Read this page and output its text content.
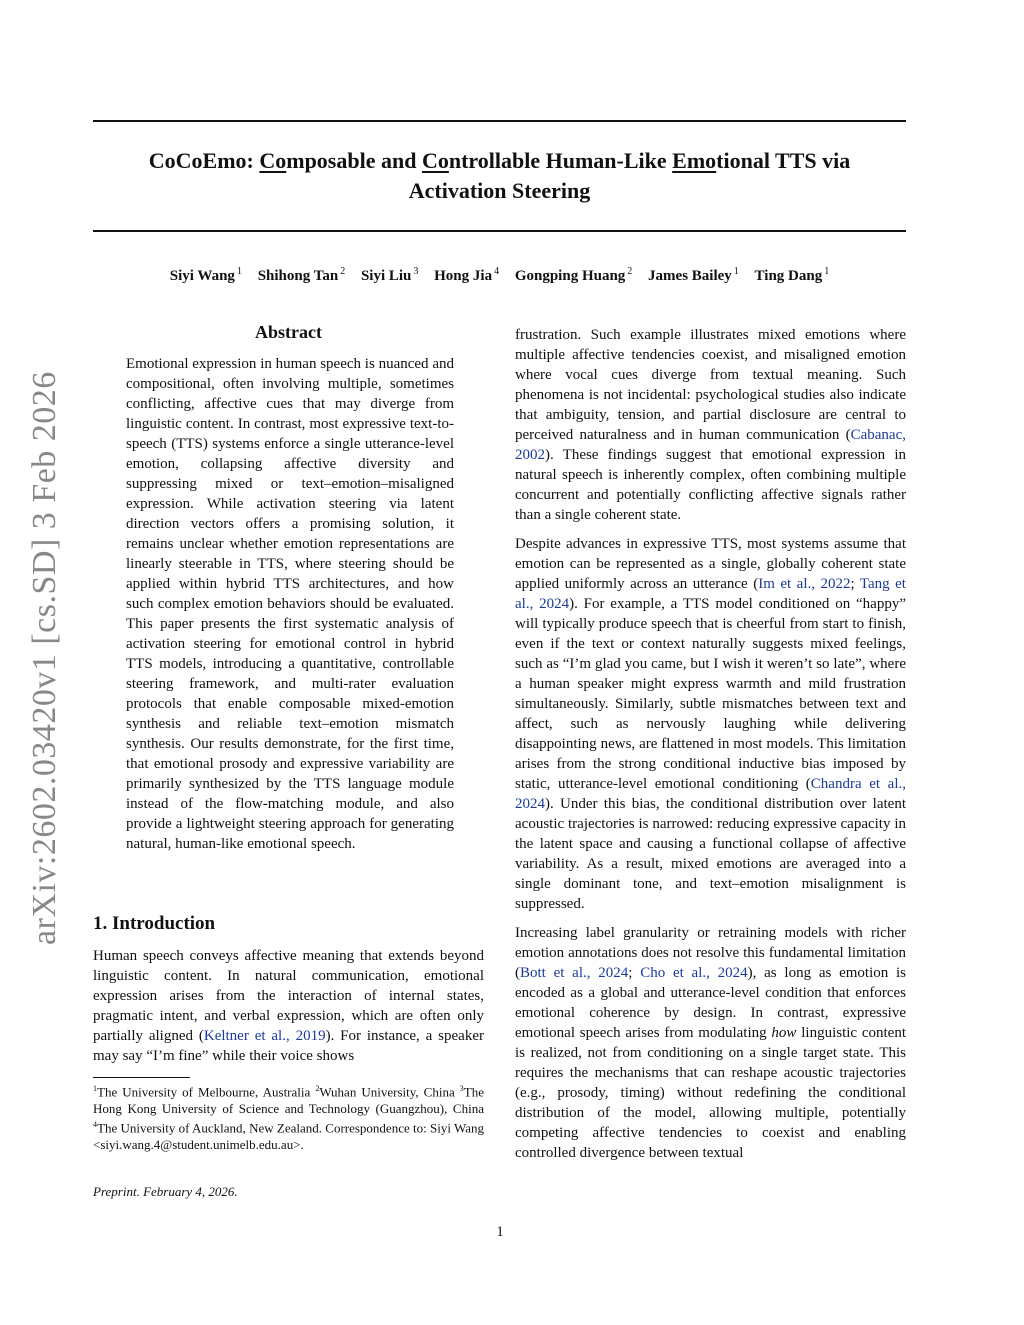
arXiv:2602.03420v1 [cs.SD] 3 Feb 2026
CoCoEmo: Composable and Controllable Human-Like Emotional TTS via
Activation Steering
Siyi Wang $^1$ Shihong Tan $^2$ Siyi Liu $^3$ Hong Jia $^4$ Gongping Huang $^2$ James Bailey $^1$ Ting Dang $^1$
Abstract
Emotional expression in human speech is nuanced and compositional, often involving multiple, sometimes conflicting, affective cues that may diverge from linguistic content. In contrast, most expressive text-to-speech (TTS) systems enforce a single utterance-level emotion, collapsing affective diversity and suppressing mixed or text–emotion–misaligned expression. While activation steering via latent direction vectors offers a promising solution, it remains unclear whether emotion representations are linearly steerable in TTS, where steering should be applied within hybrid TTS architectures, and how such complex emotion behaviors should be evaluated. This paper presents the first systematic analysis of activation steering for emotional control in hybrid TTS models, introducing a quantitative, controllable steering framework, and multi-rater evaluation protocols that enable composable mixed-emotion synthesis and reliable text–emotion mismatch synthesis. Our results demonstrate, for the first time, that emotional prosody and expressive variability are primarily synthesized by the TTS language module instead of the flow-matching module, and also provide a lightweight steering approach for generating natural, human-like emotional speech.
1. Introduction
Human speech conveys affective meaning that extends beyond linguistic content. In natural communication, emotional expression arises from the interaction of internal states, pragmatic intent, and verbal expression, which are often only partially aligned (Keltner et al., 2019). For instance, a speaker may say “I’m fine” while their voice shows
$^1$The University of Melbourne, Australia $^2$Wuhan University, China $^3$The Hong Kong University of Science and Technology (Guangzhou), China $^4$The University of Auckland, New Zealand. Correspondence to: Siyi Wang <siyi.wang.4@student.unimelb.edu.au>.
Preprint. February 4, 2026.

frustration. Such example illustrates mixed emotions where multiple affective tendencies coexist, and misaligned emotion where vocal cues diverge from textual meaning. Such phenomena is not incidental: psychological studies also indicate that ambiguity, tension, and partial disclosure are central to perceived naturalness and in human communication (Cabanac, 2002). These findings suggest that emotional expression in natural speech is inherently complex, often combining multiple concurrent and potentially conflicting affective signals rather than a single coherent state.

Despite advances in expressive TTS, most systems assume that emotion can be represented as a single, globally coherent state applied uniformly across an utterance (Im et al., 2022; Tang et al., 2024). For example, a TTS model conditioned on “happy” will typically produce speech that is cheerful from start to finish, even if the text or context naturally suggests mixed feelings, such as “I’m glad you came, but I wish it weren’t so late”, where a human speaker might express warmth and mild frustration simultaneously. Similarly, subtle mismatches between text and affect, such as nervously laughing while delivering disappointing news, are flattened in most models. This limitation arises from the strong conditional inductive bias imposed by static, utterance-level emotional conditioning (Chandra et al., 2024). Under this bias, the conditional distribution over latent acoustic trajectories is narrowed: reducing expressive capacity in the latent space and causing a functional collapse of affective variability. As a result, mixed emotions are averaged into a single dominant tone, and text–emotion misalignment is suppressed.

Increasing label granularity or retraining models with richer emotion annotations does not resolve this fundamental limitation (Bott et al., 2024; Cho et al., 2024), as long as emotion is encoded as a global and utterance-level condition that enforces emotional coherence by design. In contrast, expressive emotional speech arises from modulating how linguistic content is realized, not from conditioning on a single target state. This requires the mechanisms that can reshape acoustic trajectories (e.g., prosody, timing) without redefining the conditional distribution of the model, allowing multiple, potentially competing affective tendencies to coexist and enabling controlled divergence between textual

1
